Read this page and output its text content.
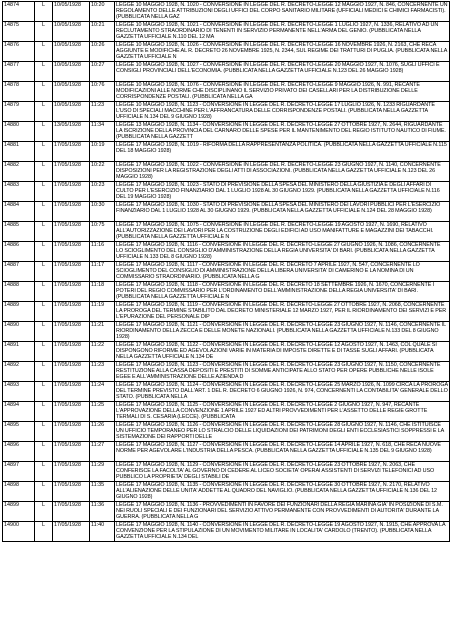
14874	L	10/05/1928	10:20	LEGGE 10 MAGGIO 1928, N. 1020 - CONVERSIONE IN LEGGE DEL R. DECRETO-LEGGE 12 MAGGIO 1927, N. 846, CONCERNENTE UN REGOLAMENTO DELLE ATTRIBUZIONI DEGLI UFFICI DEL CORPO SANITARIO MILITARE (UFFICIALI MEDICI E CHIMICI FARMACISTI). (PUBBLICATA NELLA GAZ

14875	L	10/05/1928	10:21	LEGGE 10 MAGGIO 1928, N. 1021 - CONVERSIONE IN LEGGE DEL R. DECRETO-LEGGE 1 LUGLIO 1927, N. 1336, RELATIVO AD UN RECLUTAMENTO STRAORDINARIO DI TENENTI IN SERVIZIO PERMANENTE NELL'ARMA DEL GENIO. (PUBBLICATA NELLA GAZZETTA UFFICIALE N.110 DEL 12 MA

14876	L	10/05/1928	10:26	LEGGE 10 MAGGIO 1928, N. 1026 - CONVERSIONE IN LEGGE DEL R. DECRETO-LEGGE 16 NOVEMBRE 1926, N. 2163, CHE RECA AGGIUNTE E MODIFICHE AL R. DECRETO 26 NOVEMBRE 1925, N. 2344, SUL REGIME DEI TRATTURI DI PUGLIA. (PUBBLICATA NELLA GAZZETTA UFFICIALE N

14877	L	10/05/1928	10:27	LEGGE 10 MAGGIO 1928, N. 1027 - CONVERSIONE IN LEGGE DEL R. DECRETO-LEGGE 20 MAGGIO 1927, N. 1076, SUGLI UFFICI E CONSIGLI PROVINCIALI DELL'ECONOMIA. (PUBBLICATA NELLA GAZZETTA UFFICIALE N.123 DEL 26 MAGGIO 1928)

14878	L	10/05/1928	10:76	LEGGE 10 MAGGIO 1928, N. 1076 - CONVERSIONE IN LEGGE DEL R. DECRETO-LEGGE 9 MAGGIO 1926, N. 991, RECANTE MODIFICAZIONI ALLE NORME CHE DISCIPLINANO IL SERVIZIO PRIVATO DEI CASELLARI PER LA DISTRIBUZIONE DELLE CORRISPONDENZE POSTALI. (PUBBLICATA NELLA GA

14879	L	10/05/1928	11:23	LEGGE 10 MAGGIO 1928, N. 1123 - CONVERSIONE IN LEGGE DEL R. DECRETO-LEGGE 17 LUGLIO 1926, N. 1233 RIGUARDANTE L'USO DI SPECIALI MACCHINE PER L'AFFRANCATURA DELLE CORRISPONDENZE POSTALI. (PUBBLICATA NELLA GAZZETTA UFFICIALE N.134 DEL 9 GIUGNO 1928)

14880	L	13/05/1928	11:34	LEGGE 13 MAGGIO 1928, N. 1134 - CONVERSIONE IN LEGGE DEL R. DECRETO-LEGGE 27 OTTOBRE 1927, N. 2644, RIGUARDANTE LA ISCRIZIONE DELLA PROVINCIA DEL CARNARO DELLE SPESE PER IL MANTENIMENTO DEL REGIO ISTITUTO NAUTICO DI FIUME. (PUBBLICATA NELLA GAZZETT

14881	L	17/05/1928	10:19	LEGGE 17 MAGGIO 1928, N. 1019 - RIFORMA DELLA RAPPRESENTANZA POLITICA. (PUBBLICATA NELLA GAZZETTA UFFICIALE N.115 DEL 18 MAGGIO 1928)

14882	L	17/05/1928	10:22	LEGGE 17 MAGGIO 1928, N. 1022 - CONVERSIONE IN LEGGE DEL R. DECRETO-LEGGE 23 GIUGNO 1927, N. 1140, CONCERNENTE DISPOSIZIONI PER LA REGISTRAZIONE DEGLI ATTI DI ASSOCIAZIONI. (PUBBLICATA NELLA GAZZETTA UFFICIALE N.123 DEL 26 MAGGIO 1928)

14883	L	17/05/1928	10:23	LEGGE 17 MAGGIO 1928, N. 1023 - STATO DI PREVISIONE DELLA SPESA DEL MINISTERO DELLA GIUSTIZIA E DEGLI AFFARI DI CULTO PER L'ESERCIZIO FINANZIARIO DAL 1 LUGLIO 1928 AL 30 GIUGNO 1929. (PUBBLICATA NELLA GAZZETTA UFFICIALE N.116 DEL 19 MAGGIO 1928)

14884	L	17/05/1928	10:30	LEGGE 17 MAGGIO 1928, N. 1030 - STATO DI PREVISIONE DELLA SPESA DEL MINISTERO DEI LAVORI PUBBLICI PER L'ESERCIZIO FINANZIARIO DAL 1 LUGLIO 1928 AL 30 GIUGNO 1929. (PUBBLICATA NELLA GAZZETTA UFFICIALE N.124 DEL 28 MAGGIO 1928)

14885	L	17/05/1928	10:75	LEGGE 17 MAGGIO 1928, N. 1075 - CONVERSIONE IN LEGGE DEL R. DECRETO-LEGGE 19 AGOSTO 1927, N. 1690, RELATIVO ALL'AUTORIZZAZIONE DEI LAVORI PER LA COSTRUZIONE DEGLI EDIFICI AD USO MANIFATTURE E MAGAZZINI DEI TABACCHI. (PUBBLICATA NELLA GAZZETTA UFFICIALE N

14886	L	17/05/1928	11:16	LEGGE 17 MAGGIO 1928, N. 1116 - CONVERSIONE IN LEGGE DEL R. DECRETO-LEGGE 27 GIUGNO 1926, N. 1086, CONCERNENTE LO SCIOGLIMENTO DEL CONSIGLIO D'AMMINISTRAZIONE DELLA REGIA UNIVERSITA' DI BARI. (PUBBLICATA NELLA GAZZETTA UFFICIALE N.133 DEL 8 GIUGNO 1928)

14887	L	17/05/1928	11:17	LEGGE 17 MAGGIO 1928, N. 1117 - CONVERSIONE IN LEGGE DEL R. DECRETO 7 APRILE 1927, N. 547, CONCERNENTE LO SCIOGLIMENTO DEL CONSIGLIO DI AMMINISTRAZIONE DELLA LIBERA UNIVERSITA' DI CAMERINO E LA NOMINA DI UN COMMISSARIO STRAORDINARIO. (PUBBLICATA NELLA G

14888	L	17/05/1928	11:18	LEGGE 17 MAGGIO 1928, N. 1118 - CONVERSIONE IN LEGGE DEL R. DECRETO 18 SETTEMBRE 1926, N. 1670, CONCERNENTE I POTERI DEL REGIO COMMISSARIO PER L'ORDINAMENTO DELL'AMMINISTRAZIONE DELLA REGIA UNIVERSITA' DI BARI. (PUBBLICATA NELLA GAZZETTA UFFICIALE N

14889	L	17/05/1928	11:19	LEGGE 17 MAGGIO 1928, N. 1119 - CONVERSIONE IN LEGGE DEL R. DECRETO-LEGGE 27 OTTOBRE 1927, N. 2068, CONCERNENTE LA PROROGA DEL TERMINE STABILITO DAL DECRETO MINISTERIALE 12 MARZO 1927, PER IL RIORDINAMENTO DEI SERVIZI E PER L'EPURAZIONE DEL PERSONALE DIP

14890	L	17/05/1928	11:21	LEGGE 17 MAGGIO 1928, N. 1121 - CONVERSIONE IN LEGGE DEL R. DECRETO-LEGGE 23 GIUGNO 1927, N. 1146, CONCERNENTE IL RIORDINAMENTO DELLA ZECCA E DELLE MONETE NAZIONALI. (PUBBLICATA NELLA GAZZETTA UFFICIALE N.133 DEL 8 GIUGNO 1928)

14891	L	17/05/1928	11:22	LEGGE 17 MAGGIO 1928, N. 1122 - CONVERSIONE IN LEGGE DEL R. DECRETO-LEGGE 12 AGOSTO 1927, N. 1463, COL QUALE SI DISPONGONO RIFORME ED AGEVOLAZIONI VARIE IN MATERIA DI IMPOSTE DIRETTE E DI TASSE SUGLI AFFARI. (PUBBLICATA NELLA GAZZETTA UFFICIALE N.134 DE

14892	L	17/05/1928	11:23	LEGGE 17 MAGGIO 1928, N. 1123 - CONVERSIONE IN LEGGE DEL R. DECRETO-LEGGE 23 GIUGNO 1927, N. 1150, CONCERNENTE RESTITUZIONE ALLA CASSA DEPOSITI E PRESTITI DI SOMME ANTICIPATE ALLO STATO PER OPERE PUBBLICHE NELLE ISOLE EGEE E ALL'AMMINISTRAZIONE DELLE AZIENDA D

14893	L	17/05/1928	11:24	LEGGE 17 MAGGIO 1928, N. 1124 - CONVERSIONE IN LEGGE DEL R. DECRETO-LEGGE 25 MARZO 1926, N. 1099 CIRCA LA PROROGA DEL TERMINE PREVISTO DALL'ART. 1 DEL R. DECRETO 6 GIUGNO 1926, N. 974, CONCERNENTI LA CONTABILITA' GENERALE DELLO STATO. (PUBBLICATA NELLA

14894	L	17/05/1928	11:25	LEGGE 17 MAGGIO 1928, N. 1125 - CONVERSIONE IN LEGGE DEL R. DECRETO-LEGGE 2 GIUGNO 1927, N. 947, RECANTE L'APPROVAZIONE DELLA CONVENZIONE 1 APRILE 1927 ED ALTRI PROVVEDIMENTI PER L'ASSETTO DELLE REGIE GROTTE TERMALI DI S. CESARIA (LECCE). (PUBBLICATA

14895	L	17/05/1928	11:26	LEGGE 17 MAGGIO 1928, N. 1126 - CONVERSIONE IN LEGGE DEL R. DECRETO-LEGGE 28 GIUGNO 1927, N. 1146, CHE ISTITUISCE UN UFFICIO TEMPORANEO PER LO STRALCIO DELLE LIQUIDAZIONI DEI PATRIMONI DEGLI ENTI ECCLESIASTICI SOPPRESSI E LA SISTEMAZIONE DEI RAPPORTI DELLE

14896	L	17/05/1928	11:27	LEGGE 17 MAGGIO 1928, N. 1127 - CONVERSIONE IN LEGGE DEL R. DECRETO-LEGGE 14 APRILE 1927, N. 618, CHE RECA NUOVE NORME PER AGEVOLARE L'INDUSTRIA DELLA PESCA. (PUBBLICATA NELLA GAZZETTA UFFICIALE N.135 DEL 9 GIUGNO 1928)

14897	L	17/05/1928	11:29	LEGGE 17 MAGGIO 1928, N. 1129 - CONVERSIONE IN LEGGE DEL R. DECRETO-LEGGE 23 OTTOBRE 1927, N. 2063, CHE CONFERISCE LA FACOLTA' AL GOVERNO DI CEDERE AL LICEO SOCIETA' OPERAI ASSISTENTI DI SERVIZI TELEFONICI AD USO PUBBLICO LA PROPRIETA' DEGLI STABILI DE

14898	L	17/05/1928	11:35	LEGGE 17 MAGGIO 1928, N. 1135 - CONVERSIONE IN LEGGE DEL R. DECRETO-LEGGE 30 OTTOBRE 1927, N. 2170, RELATIVO ALL'ALIENAZIONE DELLE UNITA' ADDETTE AL QUADRO DEL NAVIGLIO. (PUBBLICATA NELLA GAZZETTA UFFICIALE N.136 DEL 12 GIUGNO 1928)

14899	L	17/05/1928	11:36	LEGGE 17 MAGGIO 1928, N. 1136 - PROVVEDIMENTI IN FAVORE DEI FUNZIONARI DELLA REGIA MARINA GIA' IN POSIZIONE DI S.M. NEI RUOLI SPECIALI E DEI FUNZIONARI DEL SERVIZIO ATTIVO PERMANENTE CON PROVVEDIMENTI DI AUTORITA' DURANTE LA GUERRA. (PUBBLICATA NELLA G

14900	L	17/05/1928	11:40	LEGGE 17 MAGGIO 1928, N. 1140 - CONVERSIONE IN LEGGE DEL R. DECRETO-LEGGE 19 AGOSTO 1927, N. 1915, CHE APPROVA LA CONVENZIONE PER LA STIPULAZIONE DI UN MOVIMENTO MILITARE IN LOCALITA' CARDOLO (TRENTO). (PUBBLICATA NELLA GAZZETTA UFFICIALE N.134 DEL
